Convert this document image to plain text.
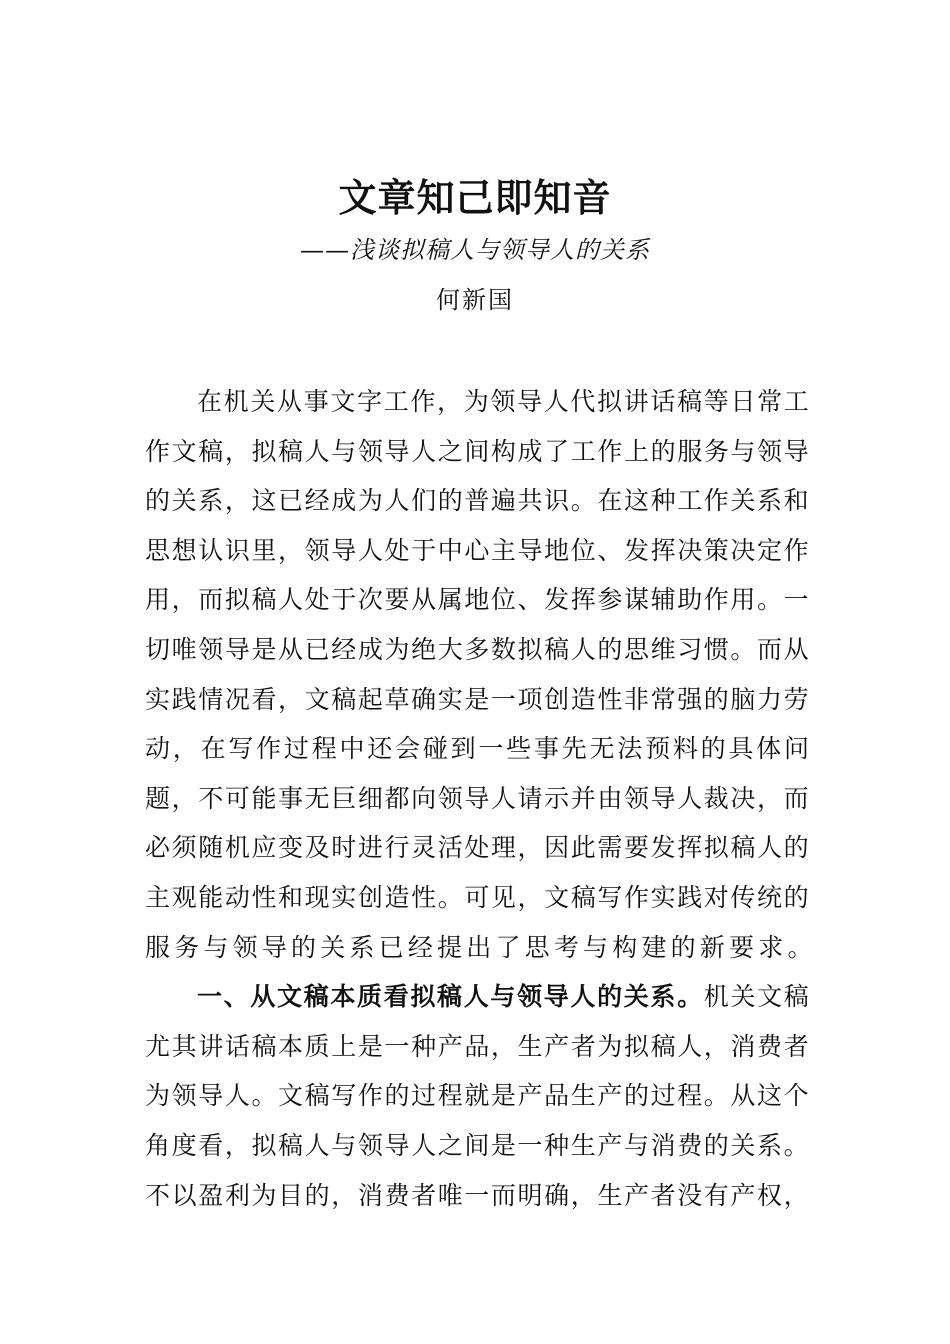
文章知己即知音
——浅谈拟稿人与领导人的关系
何新国
在 机 关 从 事 文 字 工 作 ， 为 领 导 人 代 拟 讲 话 稿 等 日 常 工
作 文 稿 ， 拟 稿 人 与 领 导 人 之 间 构 成 了 工 作 上 的 服 务 与 领 导
的 关 系 ， 这 已 经 成 为 人 们 的 普 遍 共 识 。 在 这 种 工 作 关 系 和
思 想 认 识 里 ， 领 导 人 处 于 中 心 主 导 地 位 、 发 挥 决 策 决 定 作
用 ， 而 拟 稿 人 处 于 次 要 从 属 地 位 、 发 挥 参 谋 辅 助 作 用 。 一
切 唯 领 导 是 从 已 经 成 为 绝 大 多 数 拟 稿 人 的 思 维 习 惯 。 而 从
实 践 情 况 看 ， 文 稿 起 草 确 实 是 一 项 创 造 性 非 常 强 的 脑 力 劳
动 ， 在 写 作 过 程 中 还 会 碰 到 一 些 事 先 无 法 预 料 的 具 体 问
题 ， 不 可 能 事 无 巨 细 都 向 领 导 人 请 示 并 由 领 导 人 裁 决 ， 而
必 须 随 机 应 变 及 时 进 行 灵 活 处 理 ， 因 此 需 要 发 挥 拟 稿 人 的
主 观 能 动 性 和 现 实 创 造 性 。 可 见 ， 文 稿 写 作 实 践 对 传 统 的
服 务 与 领 导 的 关 系 已 经 提 出 了 思 考 与 构 建 的 新 要 求 。
一 、 从 文 稿 本 质 看 拟 稿 人 与 领 导 人 的 关 系 。 机 关 文 稿
尤 其 讲 话 稿 本 质 上 是 一 种 产 品 ， 生 产 者 为 拟 稿 人 ， 消 费 者
为 领 导 人 。 文 稿 写 作 的 过 程 就 是 产 品 生 产 的 过 程 。 从 这 个
角 度 看 ， 拟 稿 人 与 领 导 人 之 间 是 一 种 生 产 与 消 费 的 关 系 。
不 以 盈 利 为 目 的 ， 消 费 者 唯 一 而 明 确 ， 生 产 者 没 有 产 权 ，
